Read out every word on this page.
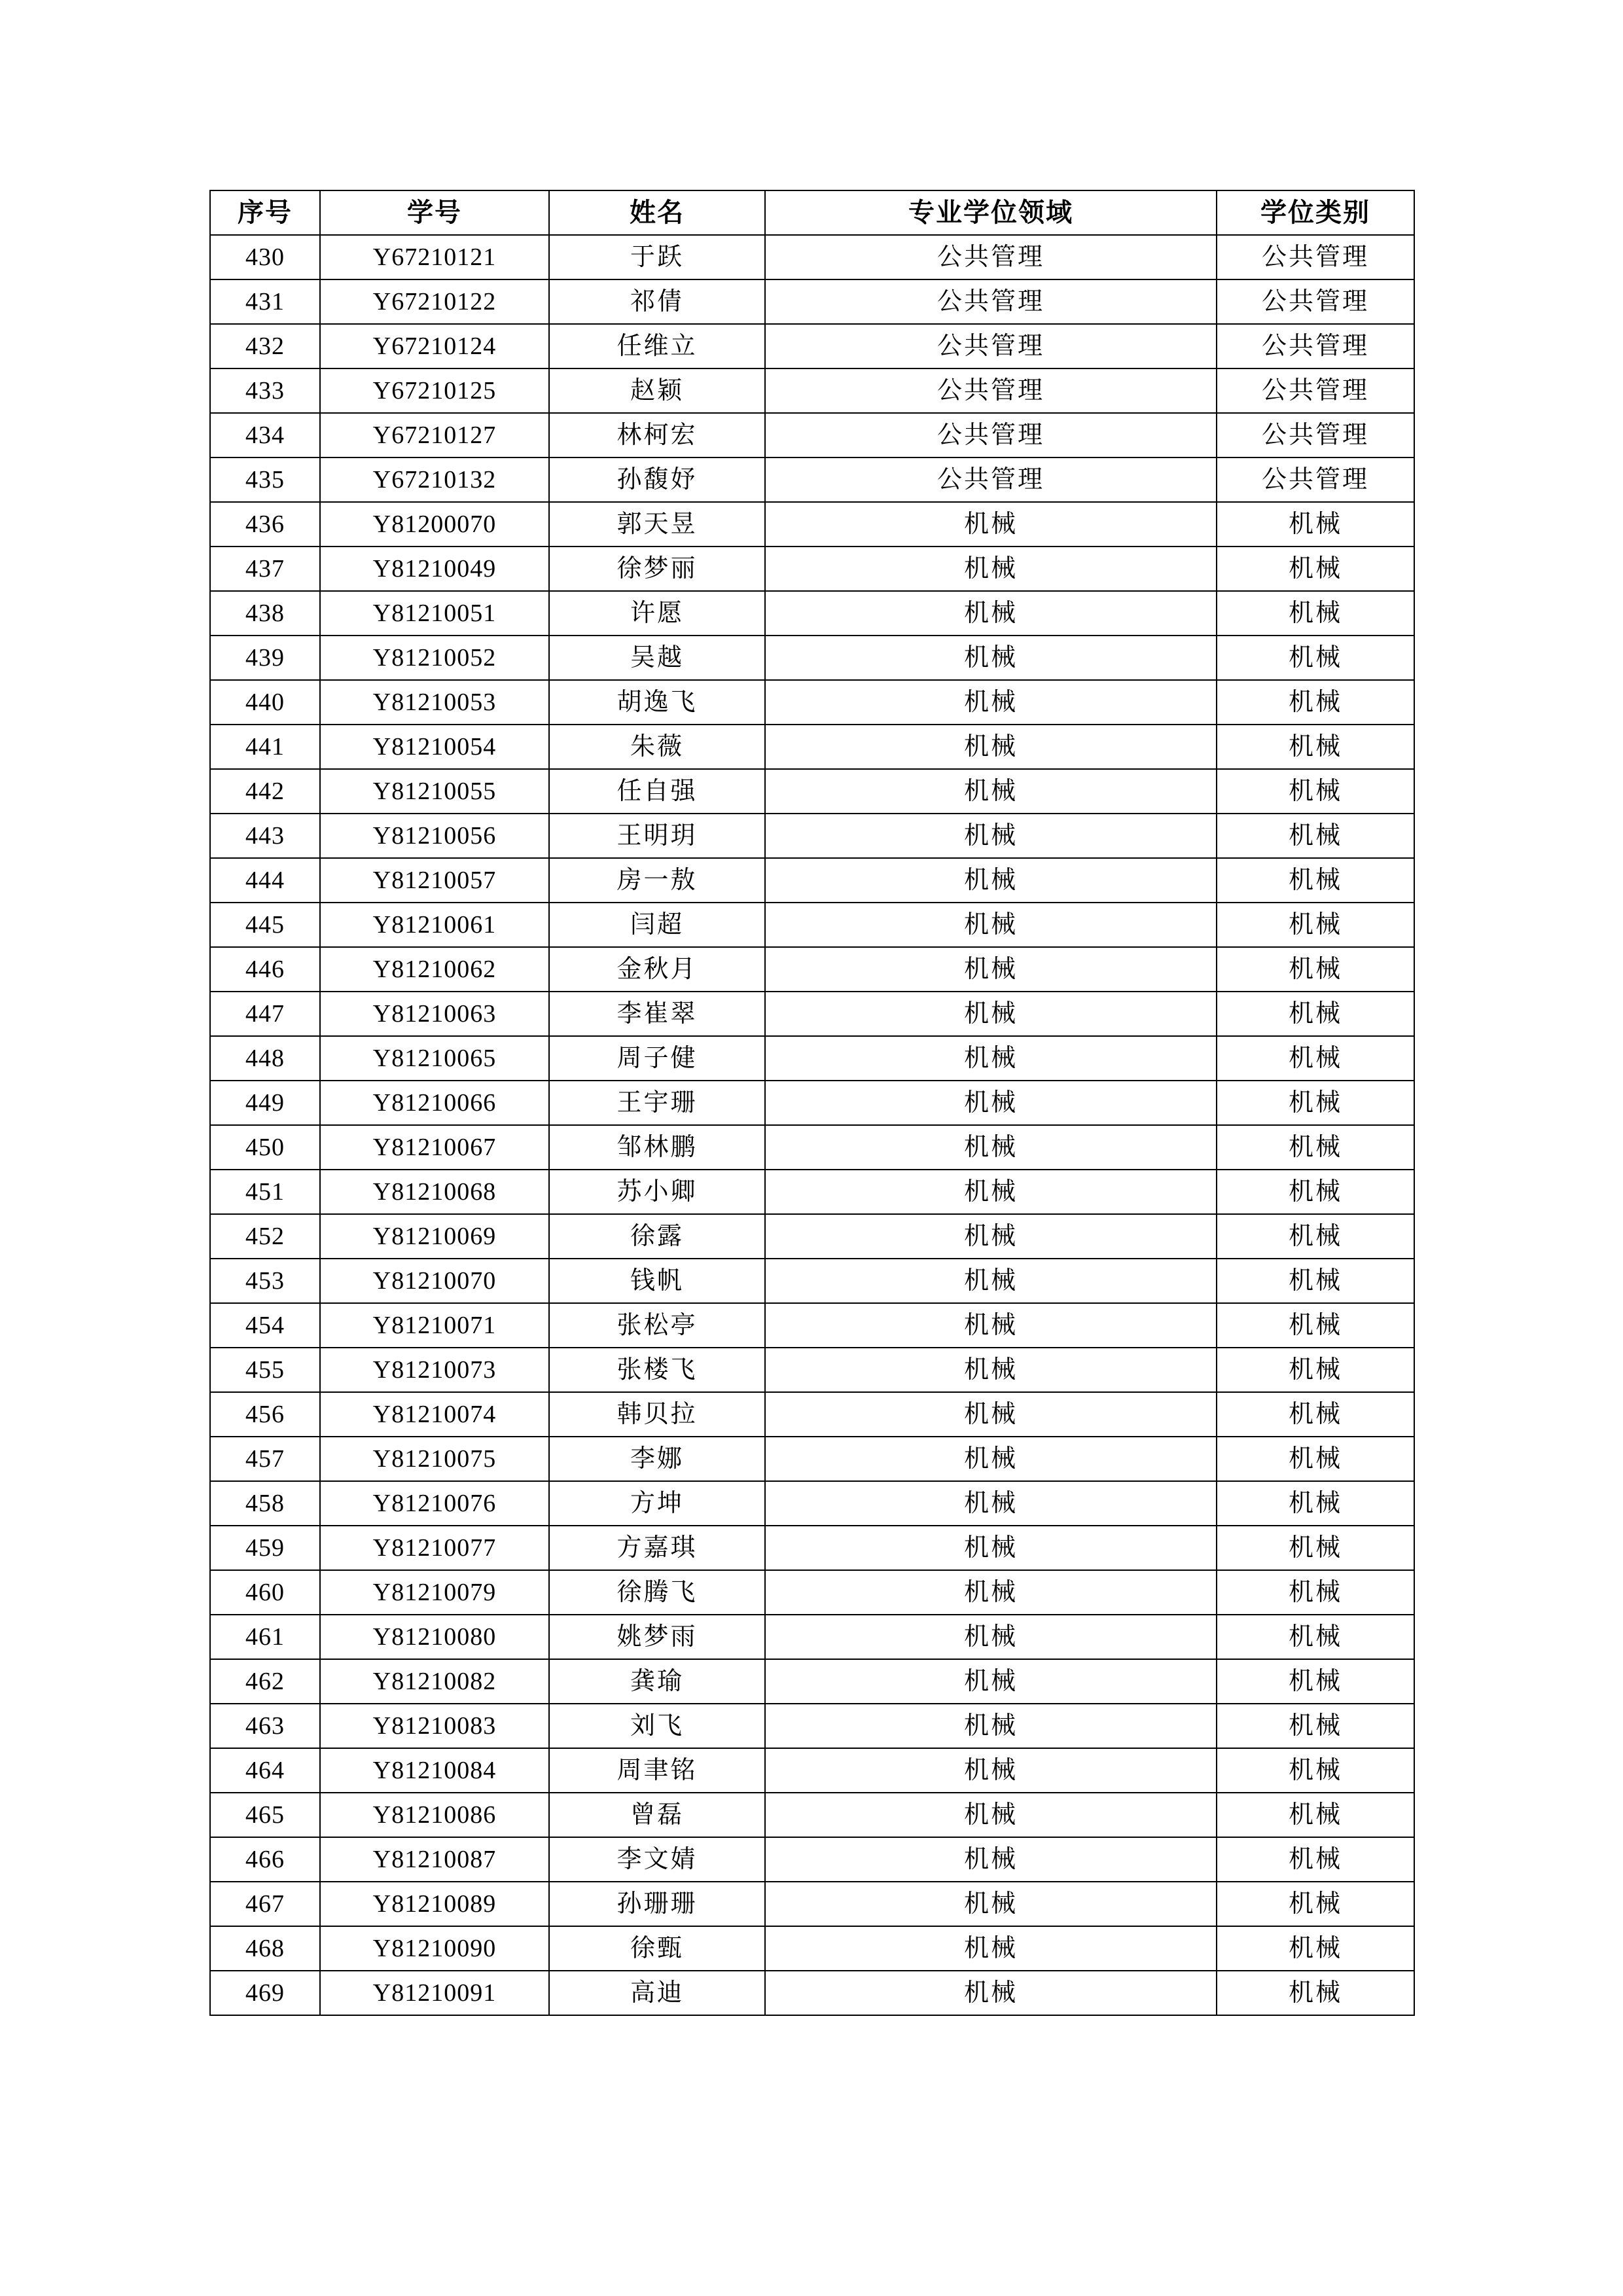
序号	学号	姓名	专业学位领域	学位类别
430	Y67210121	于跃	公共管理	公共管理
431	Y67210122	祁倩	公共管理	公共管理
432	Y67210124	任维立	公共管理	公共管理
433	Y67210125	赵颖	公共管理	公共管理
434	Y67210127	林柯宏	公共管理	公共管理
435	Y67210132	孙馥妤	公共管理	公共管理
436	Y81200070	郭天昱	机械	机械
437	Y81210049	徐梦丽	机械	机械
438	Y81210051	许愿	机械	机械
439	Y81210052	吴越	机械	机械
440	Y81210053	胡逸飞	机械	机械
441	Y81210054	朱薇	机械	机械
442	Y81210055	任自强	机械	机械
443	Y81210056	王明玥	机械	机械
444	Y81210057	房一敖	机械	机械
445	Y81210061	闫超	机械	机械
446	Y81210062	金秋月	机械	机械
447	Y81210063	李崔翠	机械	机械
448	Y81210065	周子健	机械	机械
449	Y81210066	王宇珊	机械	机械
450	Y81210067	邹林鹏	机械	机械
451	Y81210068	苏小卿	机械	机械
452	Y81210069	徐露	机械	机械
453	Y81210070	钱帆	机械	机械
454	Y81210071	张松亭	机械	机械
455	Y81210073	张楼飞	机械	机械
456	Y81210074	韩贝拉	机械	机械
457	Y81210075	李娜	机械	机械
458	Y81210076	方坤	机械	机械
459	Y81210077	方嘉琪	机械	机械
460	Y81210079	徐腾飞	机械	机械
461	Y81210080	姚梦雨	机械	机械
462	Y81210082	龚瑜	机械	机械
463	Y81210083	刘飞	机械	机械
464	Y81210084	周聿铭	机械	机械
465	Y81210086	曾磊	机械	机械
466	Y81210087	李文婧	机械	机械
467	Y81210089	孙珊珊	机械	机械
468	Y81210090	徐甄	机械	机械
469	Y81210091	高迪	机械	机械
